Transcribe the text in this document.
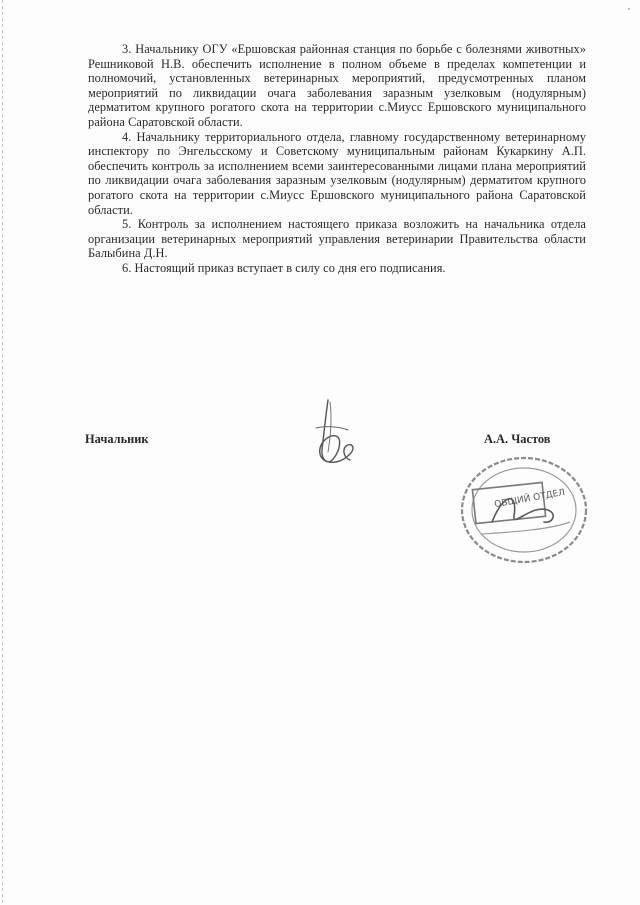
3. Начальнику ОГУ «Ершовская районная станция по борьбе с болезнями животных» Решниковой Н.В. обеспечить исполнение в полном объеме в пределах компетенции и полномочий, установленных ветеринарных мероприятий, предусмотренных планом мероприятий по ликвидации очага заболевания заразным узелковым (нодулярным) дерматитом крупного рогатого скота на территории с.Миусс Ершовского муниципального района Саратовской области.

4. Начальнику территориального отдела, главному государственному ветеринарному инспектору по Энгельсскому и Советскому муниципальным районам Кукаркину А.П. обеспечить контроль за исполнением всеми заинтересованными лицами плана мероприятий по ликвидации очага заболевания заразным узелковым (нодулярным) дерматитом крупного рогатого скота на территории с.Миусс Ершовского муниципального района Саратовской области.

5. Контроль за исполнением настоящего приказа возложить на начальника отдела организации ветеринарных мероприятий управления ветеринарии Правительства области Балыбина Д.Н.

6. Настоящий приказ вступает в силу со дня его подписания.

Начальник	А.А. Частов
ОБЩИЙ ОТДЕЛ
